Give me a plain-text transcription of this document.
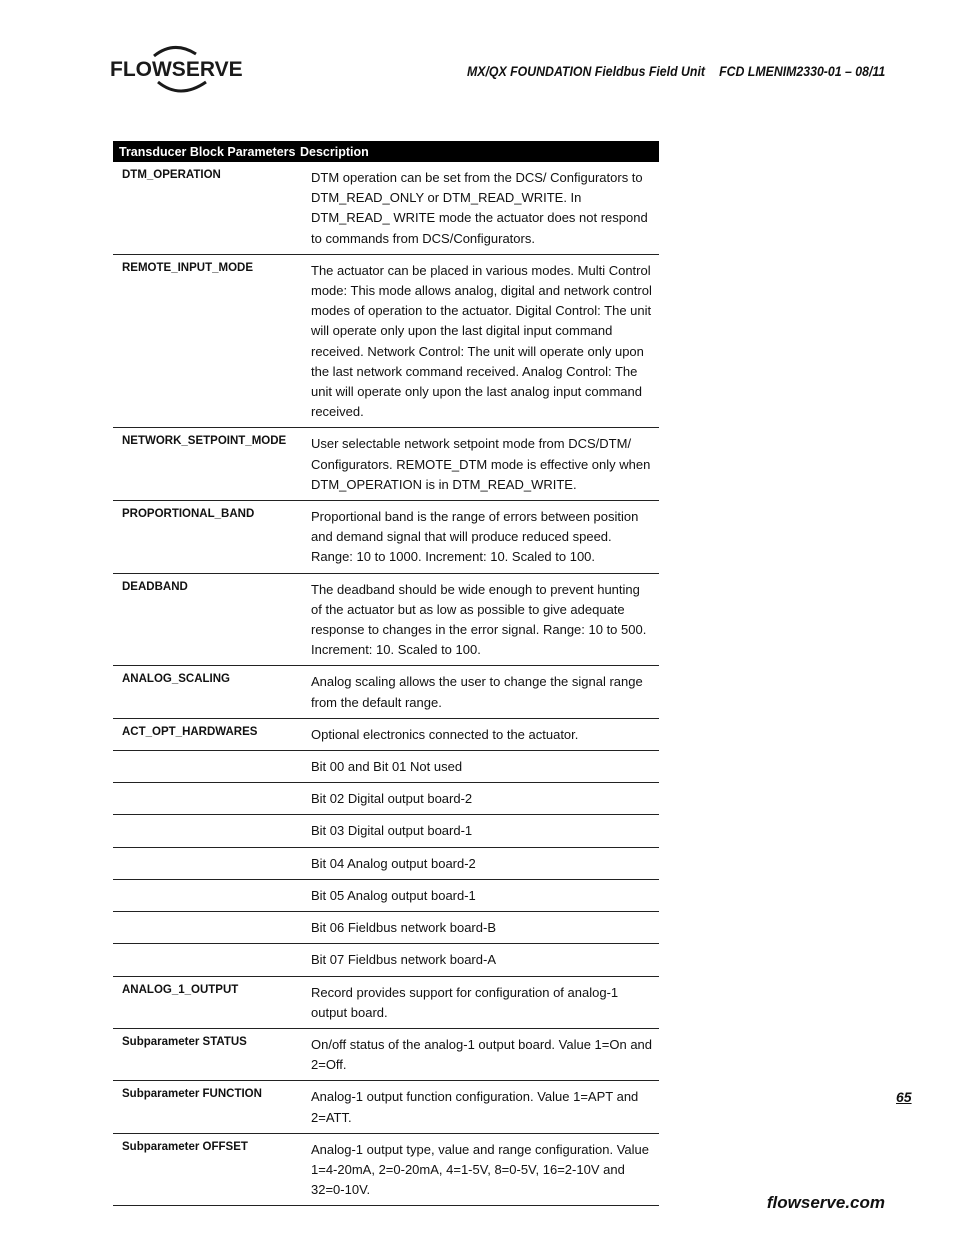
FLOWSERVE	MX/QX FOUNDATION Fieldbus Field Unit FCD LMENIM2330-01 – 08/11
Transducer Block Parameters	Description
DTM_OPERATION	DTM operation can be set from the DCS/ Configurators to DTM_READ_ONLY or DTM_READ_WRITE. In DTM_READ_ WRITE mode the actuator does not respond to commands from DCS/Configurators.
REMOTE_INPUT_MODE	The actuator can be placed in various modes. Multi Control mode: This mode allows analog, digital and network control modes of operation to the actuator. Digital Control: The unit will operate only upon the last digital input command received. Network Control: The unit will operate only upon the last network command received. Analog Control: The unit will operate only upon the last analog input command received.
NETWORK_SETPOINT_MODE	User selectable network setpoint mode from DCS/DTM/ Configurators. REMOTE_DTM mode is effective only when DTM_OPERATION is in DTM_READ_WRITE.
PROPORTIONAL_BAND	Proportional band is the range of errors between position and demand signal that will produce reduced speed. Range: 10 to 1000. Increment: 10. Scaled to 100.
DEADBAND	The deadband should be wide enough to prevent hunting of the actuator but as low as possible to give adequate response to changes in the error signal. Range: 10 to 500. Increment: 10. Scaled to 100.
ANALOG_SCALING	Analog scaling allows the user to change the signal range from the default range.
ACT_OPT_HARDWARES	Optional electronics connected to the actuator.
	Bit 00 and Bit 01 Not used
	Bit 02 Digital output board-2
	Bit 03 Digital output board-1
	Bit 04 Analog output board-2
	Bit 05 Analog output board-1
	Bit 06 Fieldbus network board-B
	Bit 07 Fieldbus network board-A
ANALOG_1_OUTPUT	Record provides support for configuration of analog-1 output board.
Subparameter STATUS	On/off status of the analog-1 output board. Value 1=On and 2=Off.
Subparameter FUNCTION	Analog-1 output function configuration. Value 1=APT and 2=ATT.
Subparameter OFFSET	Analog-1 output type, value and range configuration. Value 1=4-20mA, 2=0-20mA, 4=1-5V, 8=0-5V, 16=2-10V and 32=0-10V.
65
flowserve.com
